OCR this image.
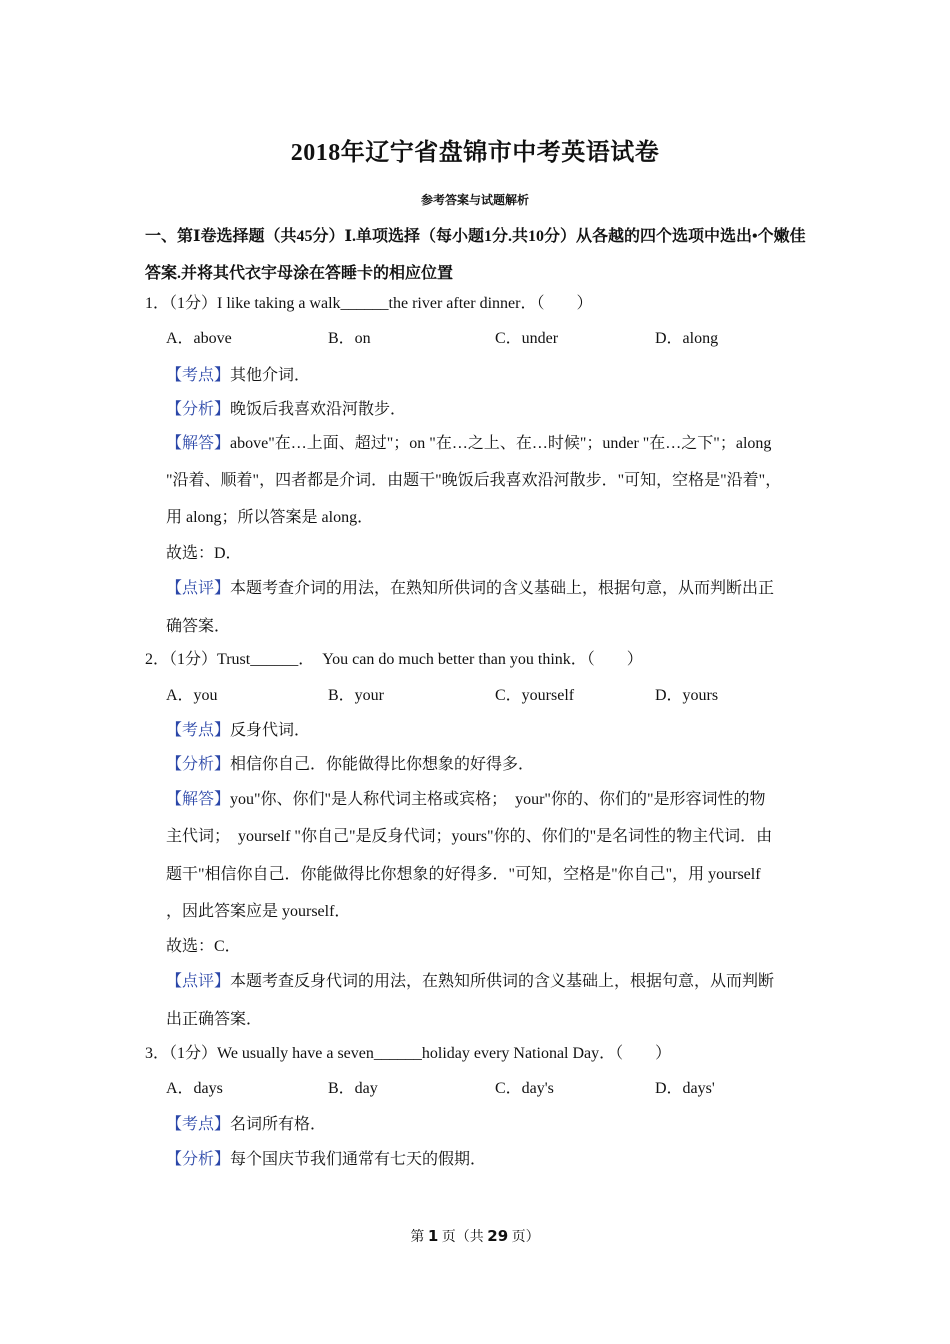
2018年辽宁省盘锦市中考英语试卷
参考答案与试题解析
一、第Ⅰ卷选择题（共45分）Ⅰ.单项选择（每小题1分.共10分）从各越的四个选项中选出•个嫩佳答案.并将其代衣宇母涂在答睡卡的相应位置
1．（1分）I like taking a walk______the river after dinner．（　　）
A．above	B．on	C．under	D．along
【考点】其他介词．
【分析】晚饭后我喜欢沿河散步．
【解答】above"在…上面、超过"；on "在…之上、在…时候"；under "在…之下"；along
"沿着、顺着"，四者都是介词．由题干"晚饭后我喜欢沿河散步．"可知，空格是"沿着"，
用 along；所以答案是 along．
故选：D．
【点评】本题考查介词的用法，在熟知所供词的含义基础上，根据句意，从而判断出正
确答案．
2．（1分）Trust______．　You can do much better than you think．（　　）
A．you	B．your	C．yourself	D．yours
【考点】反身代词．
【分析】相信你自己．你能做得比你想象的好得多．
【解答】you"你、你们"是人称代词主格或宾格；　your"你的、你们的"是形容词性的物
主代词；　yourself "你自己"是反身代词；yours"你的、你们的"是名词性的物主代词．由
题干"相信你自己．你能做得比你想象的好得多．"可知，空格是"你自己"，用 yourself
，因此答案应是 yourself．
故选：C．
【点评】本题考查反身代词的用法，在熟知所供词的含义基础上，根据句意，从而判断
出正确答案．
3．（1分）We usually have a seven______holiday every National Day．（　　）
A．days	B．day	C．day's	D．days'
【考点】名词所有格．
【分析】每个国庆节我们通常有七天的假期．
第 1 页（共 29 页）
